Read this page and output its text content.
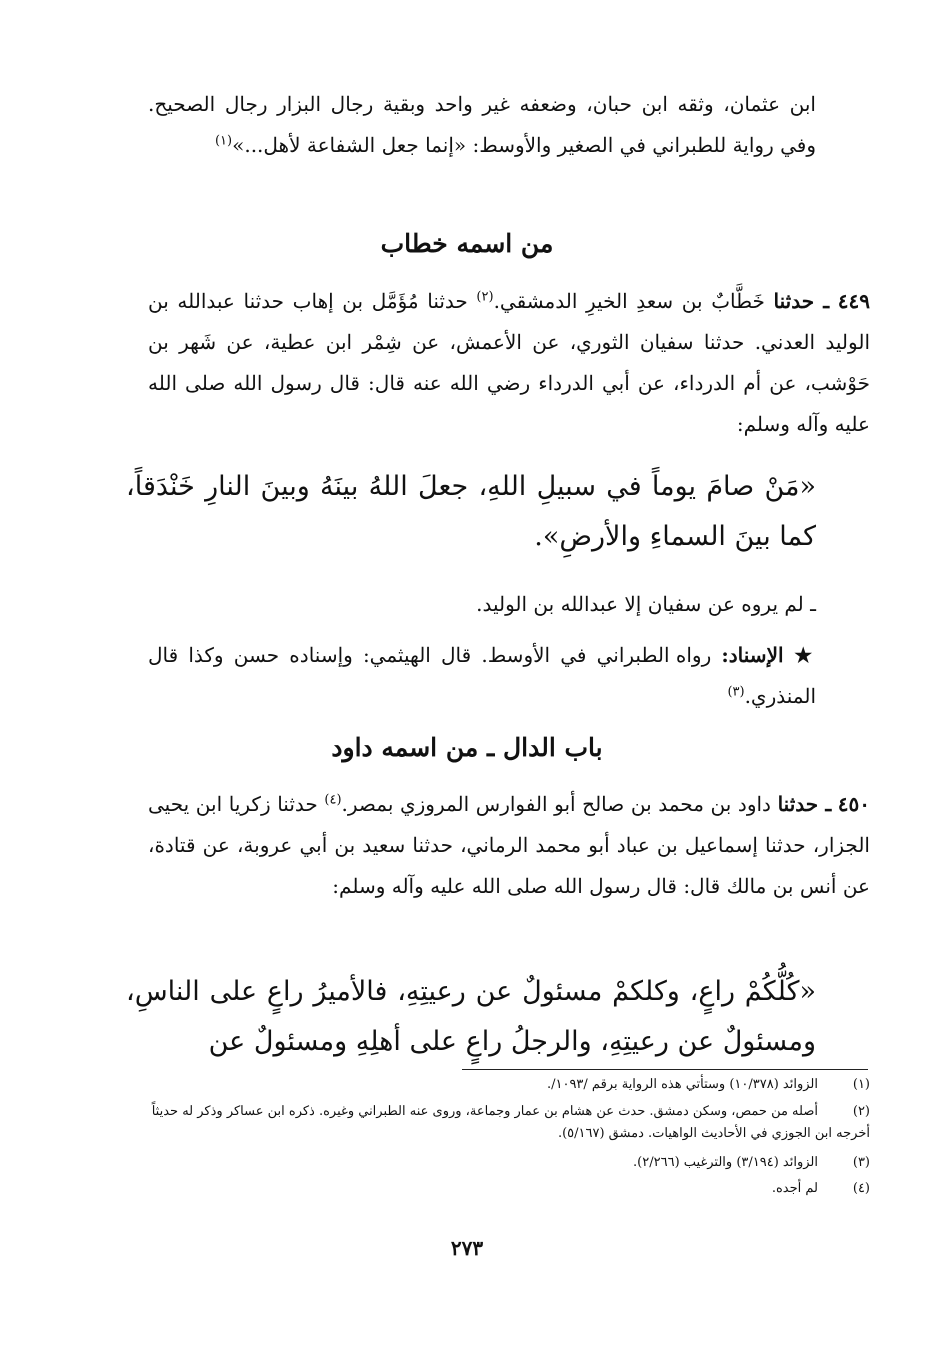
ابن عثمان، وثقه ابن حبان، وضعفه غير واحد وبقية رجال البزار رجال الصحيح. وفي رواية للطبراني في الصغير والأوسط: «إنما جعل الشفاعة لأهل...»$^{(١)}$

من اسمه خطاب

٤٤٩ ـ حدثنا خَطَّابٌ بن سعدِ الخيرِ الدمشقي.$^{(٢)}$ حدثنا مُؤَمَّل بن إهاب حدثنا عبدالله بن الوليد العدني. حدثنا سفيان الثوري، عن الأعمش، عن شِمْر ابن عطية، عن شَهر بن حَوْشب، عن أم الدرداء، عن أبي الدرداء رضي الله عنه قال: قال رسول الله صلى الله عليه وآله وسلم:

«مَنْ صامَ يوماً في سبيلِ اللهِ، جعلَ اللهُ بينَهُ وبينَ النارِ خَنْدَقاً، كما بينَ السماءِ والأرضِ».

ـ لم يروه عن سفيان إلا عبدالله بن الوليد.

★ الإسناد: رواه الطبراني في الأوسط. قال الهيثمي: وإسناده حسن وكذا قال المنذري.$^{(٣)}$

باب الدال ـ من اسمه داود

٤٥٠ ـ حدثنا داود بن محمد بن صالح أبو الفوارس المروزي بمصر.$^{(٤)}$ حدثنا زكريا ابن يحيى الجزار، حدثنا إسماعيل بن عباد أبو محمد الرماني، حدثنا سعيد بن أبي عروبة، عن قتادة، عن أنس بن مالك قال: قال رسول الله صلى الله عليه وآله وسلم:

«كُلُّكُمْ راعٍ، وكلكمْ مسئولٌ عن رعيتِهِ، فالأميرُ راعٍ على الناسِ، ومسئولٌ عن رعيتِهِ، والرجلُ راعٍ على أهلِهِ ومسئولٌ عن

(١)الزوائد (١٠/٣٧٨) وستأتي هذه الرواية برقم /١٠٩٣/.
(٢)أصله من حمص، وسكن دمشق. حدث عن هشام بن عمار وجماعة، وروى عنه الطبراني وغيره. ذكره ابن عساكر وذكر له حديثاً أخرجه ابن الجوزي في الأحاديث الواهيات. دمشق (٥/١٦٧).
(٣)الزوائد (٣/١٩٤) والترغيب (٢/٢٦٦).
(٤)لم أجده.
٢٧٣
